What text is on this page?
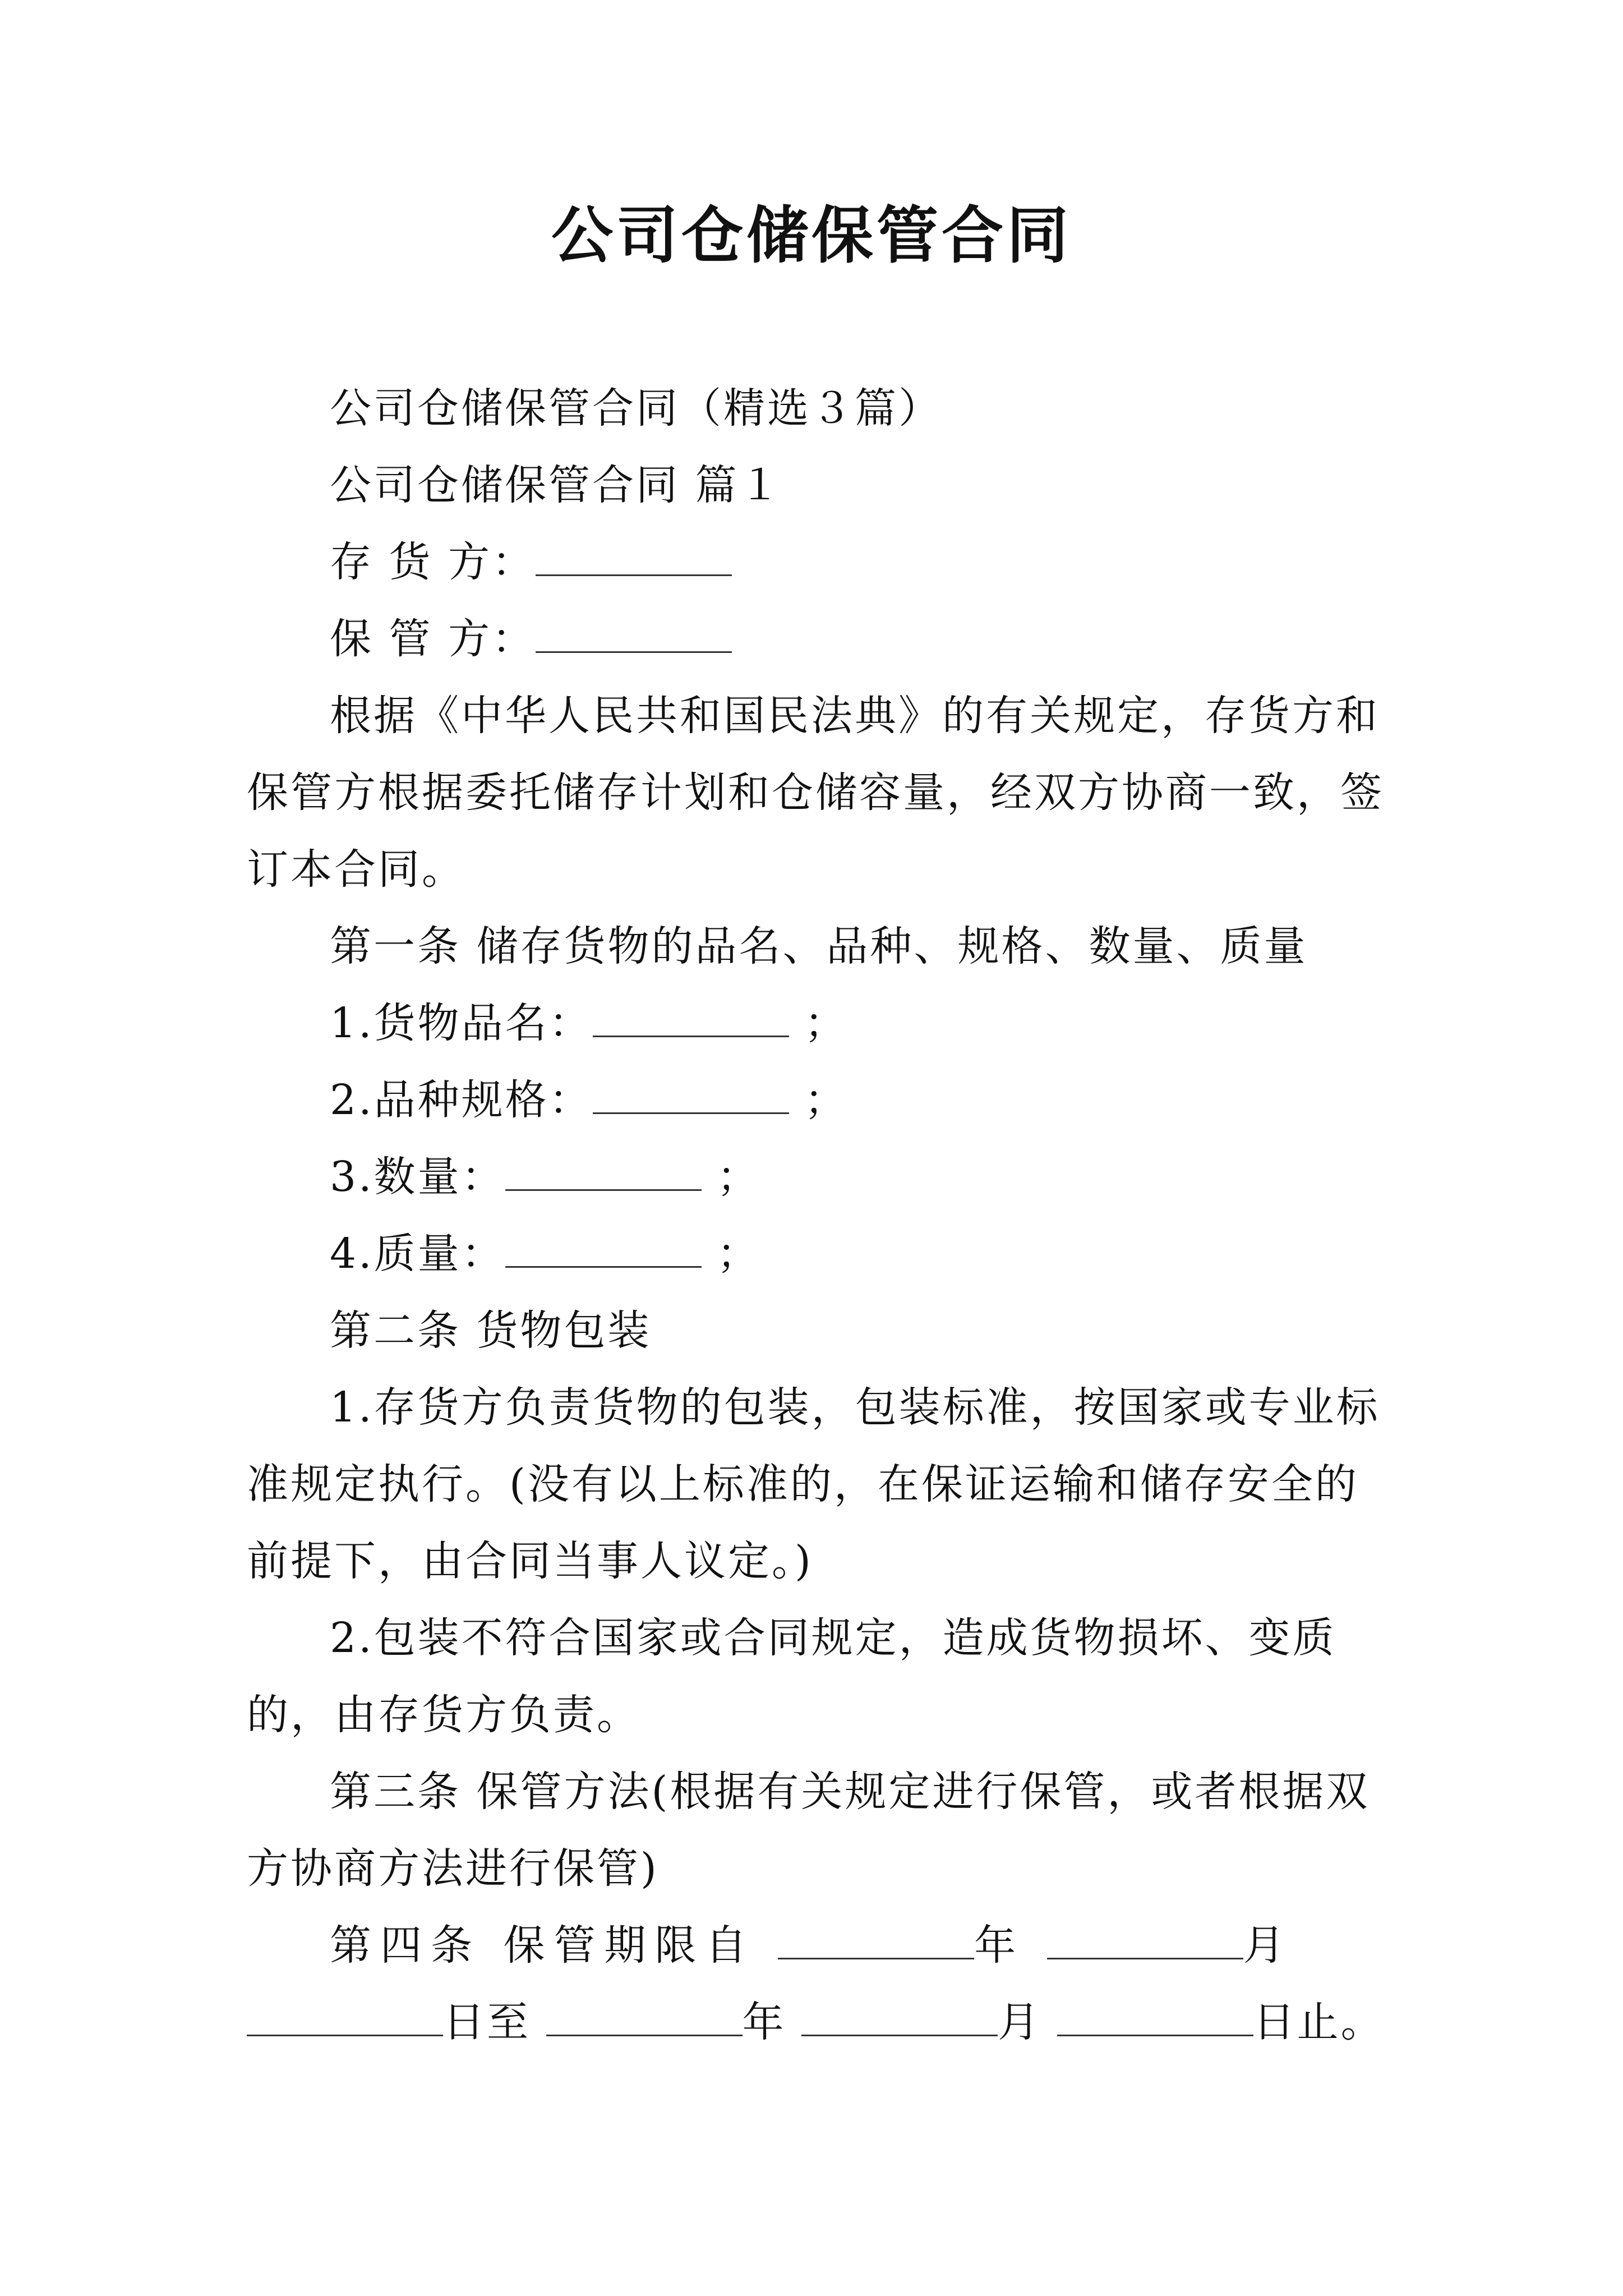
公司仓储保管合同

公司仓储保管合同（精选３篇）

公司仓储保管合同 篇１

存 货 方：

保 管 方：

根据《中华人民共和国民法典》的有关规定，存货方和保管方根据委托储存计划和仓储容量，经双方协商一致，签订本合同。

第一条 储存货物的品名、品种、规格、数量、质量

1.货物品名：	；

2.品种规格：	；

3.数量：	；

4.质量：	；

第二条 货物包装

1.存货方负责货物的包装，包装标准，按国家或专业标准规定执行。(没有以上标准的，在保证运输和储存安全的前提下，由合同当事人议定。)

2.包装不符合国家或合同规定，造成货物损坏、变质的，由存货方负责。

第三条 保管方法(根据有关规定进行保管，或者根据双方协商方法进行保管)

第四条 保管期限自	年	月

日至	年	月	日止。
